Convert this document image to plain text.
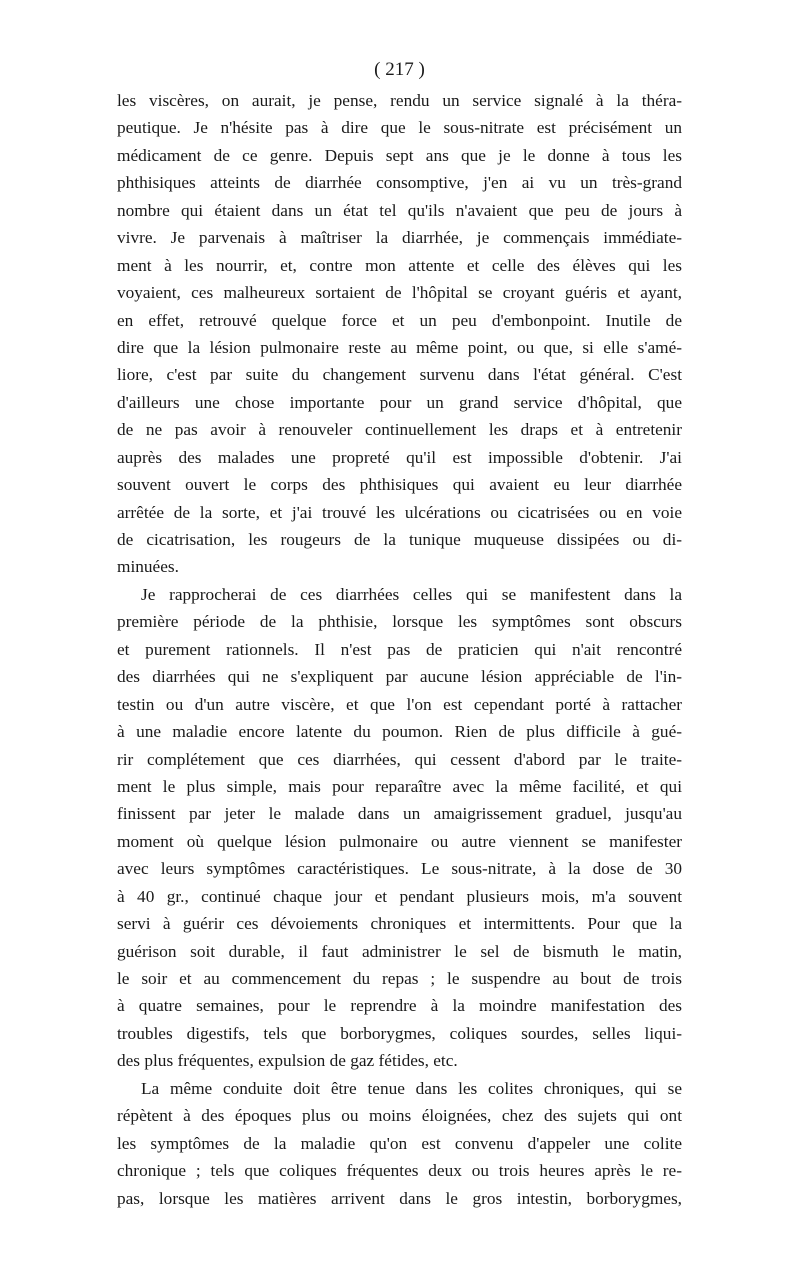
( 217 )
les viscères, on aurait, je pense, rendu un service signalé à la théra-
peutique. Je n'hésite pas à dire que le sous-nitrate est précisément un
médicament de ce genre. Depuis sept ans que je le donne à tous les
phthisiques atteints de diarrhée consomptive, j'en ai vu un très-grand
nombre qui étaient dans un état tel qu'ils n'avaient que peu de jours à
vivre. Je parvenais à maîtriser la diarrhée, je commençais immédiate-
ment à les nourrir, et, contre mon attente et celle des élèves qui les
voyaient, ces malheureux sortaient de l'hôpital se croyant guéris et ayant,
en effet, retrouvé quelque force et un peu d'embonpoint. Inutile de
dire que la lésion pulmonaire reste au même point, ou que, si elle s'amé-
liore, c'est par suite du changement survenu dans l'état général. C'est
d'ailleurs une chose importante pour un grand service d'hôpital, que
de ne pas avoir à renouveler continuellement les draps et à entretenir
auprès des malades une propreté qu'il est impossible d'obtenir. J'ai
souvent ouvert le corps des phthisiques qui avaient eu leur diarrhée
arrêtée de la sorte, et j'ai trouvé les ulcérations ou cicatrisées ou en voie
de cicatrisation, les rougeurs de la tunique muqueuse dissipées ou di-
minuées.
Je rapprocherai de ces diarrhées celles qui se manifestent dans la
première période de la phthisie, lorsque les symptômes sont obscurs
et purement rationnels. Il n'est pas de praticien qui n'ait rencontré
des diarrhées qui ne s'expliquent par aucune lésion appréciable de l'in-
testin ou d'un autre viscère, et que l'on est cependant porté à rattacher
à une maladie encore latente du poumon. Rien de plus difficile à gué-
rir complétement que ces diarrhées, qui cessent d'abord par le traite-
ment le plus simple, mais pour reparaître avec la même facilité, et qui
finissent par jeter le malade dans un amaigrissement graduel, jusqu'au
moment où quelque lésion pulmonaire ou autre viennent se manifester
avec leurs symptômes caractéristiques. Le sous-nitrate, à la dose de 30
à 40 gr., continué chaque jour et pendant plusieurs mois, m'a souvent
servi à guérir ces dévoiements chroniques et intermittents. Pour que la
guérison soit durable, il faut administrer le sel de bismuth le matin,
le soir et au commencement du repas ; le suspendre au bout de trois
à quatre semaines, pour le reprendre à la moindre manifestation des
troubles digestifs, tels que borborygmes, coliques sourdes, selles liqui-
des plus fréquentes, expulsion de gaz fétides, etc.
La même conduite doit être tenue dans les colites chroniques, qui se
répètent à des époques plus ou moins éloignées, chez des sujets qui ont
les symptômes de la maladie qu'on est convenu d'appeler une colite
chronique ; tels que coliques fréquentes deux ou trois heures après le re-
pas, lorsque les matières arrivent dans le gros intestin, borborygmes,
